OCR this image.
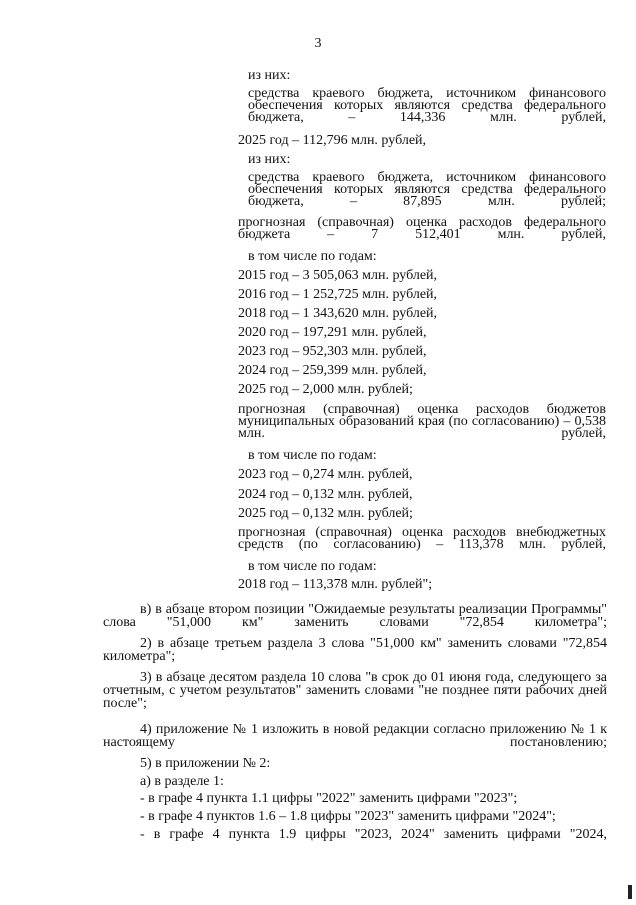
3
из них:
средства краевого бюджета, источником финансового обеспечения которых являются средства федерального бюджета, – 144,336 млн. рублей,
2025 год – 112,796 млн. рублей,
из них:
средства краевого бюджета, источником финансового обеспечения которых являются средства федерального бюджета, – 87,895 млн. рублей;
прогнозная (справочная) оценка расходов федерального бюджета – 7 512,401 млн. рублей,
в том числе по годам:
2015 год – 3 505,063 млн. рублей,
2016 год – 1 252,725 млн. рублей,
2018 год – 1 343,620 млн. рублей,
2020 год – 197,291 млн. рублей,
2023 год – 952,303 млн. рублей,
2024 год – 259,399 млн. рублей,
2025 год – 2,000 млн. рублей;
прогнозная (справочная) оценка расходов бюджетов муниципальных образований края (по согласованию) – 0,538 млн. рублей,
в том числе по годам:
2023 год – 0,274 млн. рублей,
2024 год – 0,132 млн. рублей,
2025 год – 0,132 млн. рублей;
прогнозная (справочная) оценка расходов внебюджетных средств (по согласованию) – 113,378 млн. рублей,
в том числе по годам:
2018 год – 113,378 млн. рублей";
в) в абзаце втором позиции "Ожидаемые результаты реализации Программы" слова "51,000 км" заменить словами "72,854 километра";
2) в абзаце третьем раздела 3 слова "51,000 км" заменить словами "72,854 километра";
3) в абзаце десятом раздела 10 слова "в срок до 01 июня года, следующего за отчетным, с учетом результатов" заменить словами "не позднее пяти рабочих дней после";
4) приложение № 1 изложить в новой редакции согласно приложению № 1 к настоящему постановлению;
5) в приложении № 2:
а) в разделе 1:
- в графе 4 пункта 1.1 цифры "2022" заменить цифрами "2023";
- в графе 4 пунктов 1.6 – 1.8 цифры "2023" заменить цифрами "2024";
- в графе 4 пункта 1.9 цифры "2023, 2024" заменить цифрами "2024,
